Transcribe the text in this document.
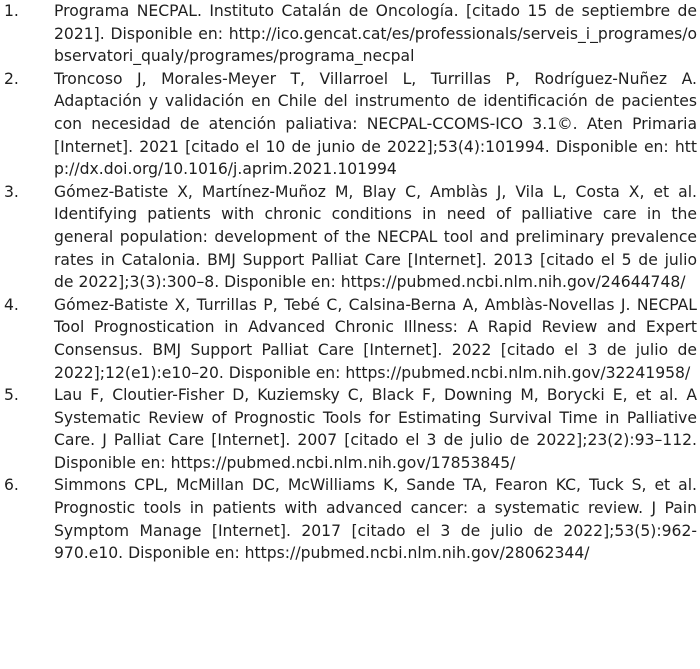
1.	Programa NECPAL. Instituto Catalán de Oncología. [citado 15 de septiembre de 2021]. Disponible en: http://ico.gencat.cat/es/professionals/serveis_i_programes/observatori_qualy/programes/programa_necpal
2.	Troncoso J, Morales-Meyer T, Villarroel L, Turrillas P, Rodríguez-Nuñez A. Adaptación y validación en Chile del instrumento de identificación de pacientes con necesidad de atención paliativa: NECPAL-CCOMS-ICO 3.1©. Aten Primaria [Internet]. 2021 [citado el 10 de junio de 2022];53(4):101994. Disponible en: http://dx.doi.org/10.1016/j.aprim.2021.101994
3.	Gómez-Batiste X, Martínez-Muñoz M, Blay C, Amblàs J, Vila L, Costa X, et al. Identifying patients with chronic conditions in need of palliative care in the general population: development of the NECPAL tool and preliminary prevalence rates in Catalonia. BMJ Support Palliat Care [Internet]. 2013 [citado el 5 de julio de 2022];3(3):300–8. Disponible en: https://pubmed.ncbi.nlm.nih.gov/24644748/
4.	Gómez-Batiste X, Turrillas P, Tebé C, Calsina-Berna A, Amblàs-Novellas J. NECPAL Tool Prognostication in Advanced Chronic Illness: A Rapid Review and Expert Consensus. BMJ Support Palliat Care [Internet]. 2022 [citado el 3 de julio de 2022];12(e1):e10–20. Disponible en: https://pubmed.ncbi.nlm.nih.gov/32241958/
5.	Lau F, Cloutier-Fisher D, Kuziemsky C, Black F, Downing M, Borycki E, et al. A Systematic Review of Prognostic Tools for Estimating Survival Time in Palliative Care. J Palliat Care [Internet]. 2007 [citado el 3 de julio de 2022];23(2):93–112. Disponible en: https://pubmed.ncbi.nlm.nih.gov/17853845/
6.	Simmons CPL, McMillan DC, McWilliams K, Sande TA, Fearon KC, Tuck S, et al. Prognostic tools in patients with advanced cancer: a systematic review. J Pain Symptom Manage [Internet]. 2017 [citado el 3 de julio de 2022];53(5):962-970.e10. Disponible en: https://pubmed.ncbi.nlm.nih.gov/28062344/
